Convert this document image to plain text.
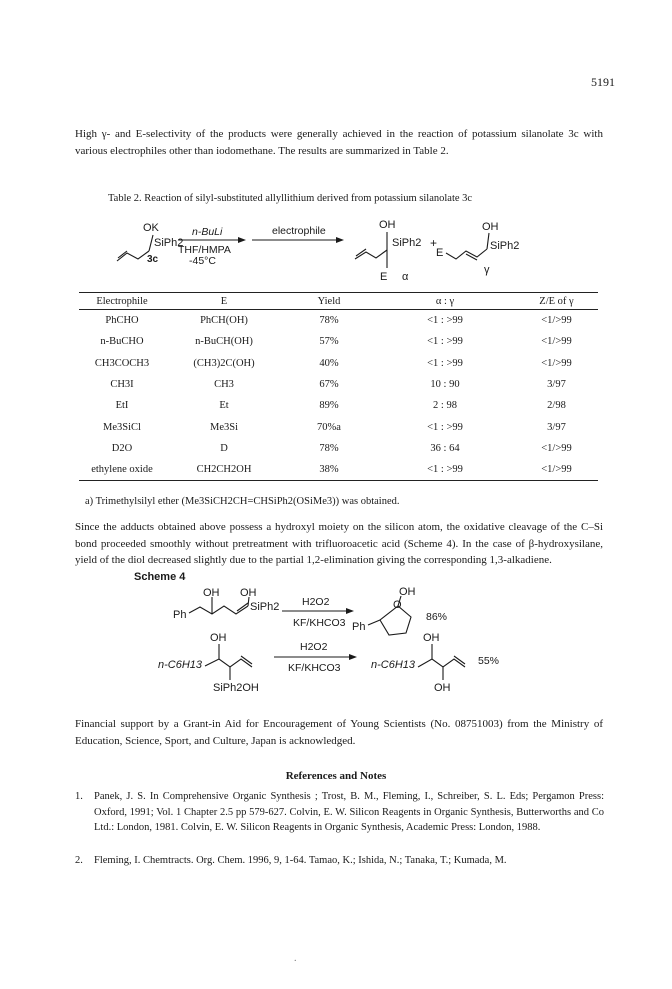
5191
High γ- and E-selectivity of the products were generally achieved in the reaction of potassium silanolate 3c with various electrophiles other than iodomethane. The results are summarized in Table 2.
Table 2. Reaction of silyl-substituted allyllithium derived from potassium silanolate 3c
OK
SiPh2
3c
n-BuLi
THF/HMPA
-45°C
electrophile	OH
SiPh2
E α
+
OH
E
SiPh2
γ
Electrophile	E	Yield	α : γ	Z/E of γ
PhCHO	PhCH(OH)	78%	<1 : >99	<1/>99
n-BuCHO	n-BuCH(OH)	57%	<1 : >99	<1/>99
CH3COCH3	(CH3)2C(OH)	40%	<1 : >99	<1/>99
CH3I	CH3	67%	10 : 90	3/97
EtI	Et	89%	2 : 98	2/98
Me3SiCl	Me3Si	70%a	<1 : >99	3/97
D2O	D	78%	36 : 64	<1/>99
ethylene oxide	CH2CH2OH	38%	<1 : >99	<1/>99
a) Trimethylsilyl ether (Me3SiCH2CH=CHSiPh2(OSiMe3)) was obtained.
Since the adducts obtained above possess a hydroxyl moiety on the silicon atom, the oxidative cleavage of the C–Si bond proceeded smoothly without pretreatment with trifluoroacetic acid (Scheme 4). In the case of β-hydroxysilane, yield of the diol decreased slightly due to the partial 1,2-elimination giving the corresponding 1,3-alkadiene.
Scheme 4
OH OH
Ph
SiPh2 H2O2
KF/KHCO3
OH
O
Ph
86%
OH
n-C6H13
SiPh2OH
H2O2
KF/KHCO3
OH
n-C6H13
OH
55%
Financial support by a Grant-in Aid for Encouragement of Young Scientists (No. 08751003) from the Ministry of Education, Science, Sport, and Culture, Japan is acknowledged.
References and Notes
1. Panek, J. S. In Comprehensive Organic Synthesis ; Trost, B. M., Fleming, I., Schreiber, S. L. Eds; Pergamon Press: Oxford, 1991; Vol. 1 Chapter 2.5 pp 579-627. Colvin, E. W. Silicon Reagents in Organic Synthesis, Butterworths and Co Ltd.: London, 1981. Colvin, E. W. Silicon Reagents in Organic Synthesis, Academic Press: London, 1988.
2. Fleming, I. Chemtracts. Org. Chem. 1996, 9, 1-64. Tamao, K.; Ishida, N.; Tanaka, T.; Kumada, M.
.
